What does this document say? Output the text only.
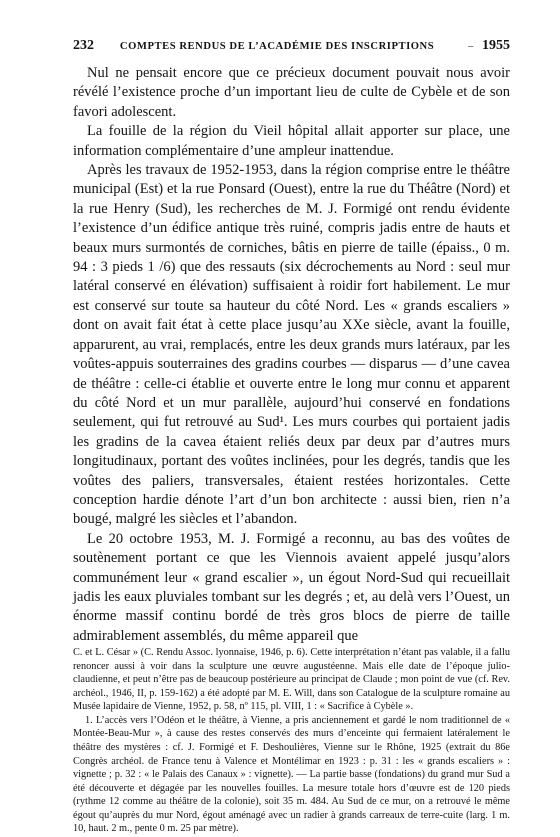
232	COMPTES RENDUS DE L’ACADÉMIE DES INSCRIPTIONS	– 1955

Nul ne pensait encore que ce précieux document pouvait nous avoir révélé l’existence proche d’un important lieu de culte de Cybèle et de son favori adolescent.

La fouille de la région du Vieil hôpital allait apporter sur place, une information complémentaire d’une ampleur inattendue.

Après les travaux de 1952-1953, dans la région comprise entre le théâtre municipal (Est) et la rue Ponsard (Ouest), entre la rue du Théâtre (Nord) et la rue Henry (Sud), les recherches de M. J. Formigé ont rendu évidente l’existence d’un édifice antique très ruiné, compris jadis entre de hauts et beaux murs surmontés de corniches, bâtis en pierre de taille (épaiss., 0 m. 94 : 3 pieds 1 /6) que des ressauts (six décrochements au Nord : seul mur latéral conservé en élévation) suffisaient à roidir fort habilement. Le mur est conservé sur toute sa hauteur du côté Nord. Les « grands escaliers » dont on avait fait état à cette place jusqu’au XXe siècle, avant la fouille, apparurent, au vrai, remplacés, entre les deux grands murs latéraux, par les voûtes-appuis souterraines des gradins courbes — disparus — d’une cavea de théâtre : celle-ci établie et ouverte entre le long mur connu et apparent du côté Nord et un mur parallèle, aujourd’hui conservé en fondations seulement, qui fut retrouvé au Sud¹. Les murs courbes qui portaient jadis les gradins de la cavea étaient reliés deux par deux par d’autres murs longitudinaux, portant des voûtes inclinées, pour les degrés, tandis que les voûtes des paliers, transversales, étaient restées horizontales. Cette conception hardie dénote l’art d’un bon architecte : aussi bien, rien n’a bougé, malgré les siècles et l’abandon.

Le 20 octobre 1953, M. J. Formigé a reconnu, au bas des voûtes de soutènement portant ce que les Viennois avaient appelé jusqu’alors communément leur « grand escalier », un égout Nord-Sud qui recueillait jadis les eaux pluviales tombant sur les degrés ; et, au delà vers l’Ouest, un énorme massif continu bordé de très gros blocs de pierre de taille admirablement assemblés, du même appareil que

C. et L. César » (C. Rendu Assoc. lyonnaise, 1946, p. 6). Cette interprétation n’étant pas valable, il a fallu renoncer aussi à voir dans la sculpture une œuvre augustéenne. Mais elle date de l’époque julio-claudienne, et peut n’être pas de beaucoup postérieure au principat de Claude ; mon point de vue (cf. Rev. archéol., 1946, II, p. 159-162) a été adopté par M. E. Will, dans son Catalogue de la sculpture romaine au Musée lapidaire de Vienne, 1952, p. 58, nº 115, pl. VIII, 1 : « Sacrifice à Cybèle ».

1. L’accès vers l’Odéon et le théâtre, à Vienne, a pris anciennement et gardé le nom traditionnel de « Montée-Beau-Mur », à cause des restes conservés des murs d’enceinte qui fermaient latéralement le théâtre des mystères : cf. J. Formigé et F. Deshoulières, Vienne sur le Rhône, 1925 (extrait du 86e Congrès archéol. de France tenu à Valence et Montélimar en 1923 : p. 31 : les « grands escaliers » : vignette ; p. 32 : « le Palais des Canaux » : vignette). — La partie basse (fondations) du grand mur Sud a été découverte et dégagée par les nouvelles fouilles. La mesure totale hors d’œuvre est de 120 pieds (rythme 12 comme au théâtre de la colonie), soit 35 m. 484. Au Sud de ce mur, on a retrouvé le même égout qu’auprès du mur Nord, égout aménagé avec un radier à grands carreaux de terre-cuite (larg. 1 m. 10, haut. 2 m., pente 0 m. 25 par mètre).
